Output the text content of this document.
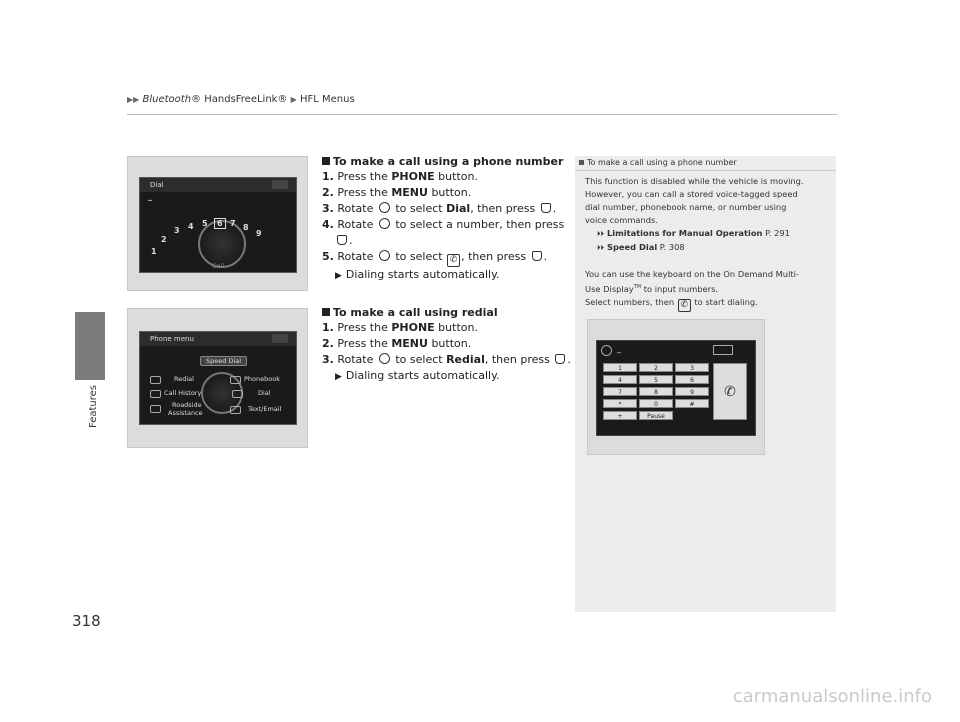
▶▶ Bluetooth® HandsFreeLink® ▶ HFL Menus
Features
318
Dial
_
1
2
3 4 5	6 7 8
9
Call
Phone menu
Speed Dial
Redial	Phonebook
Call History	Dial
Roadside
Assistance	Text/Email
To make a call using a phone number
1. Press the PHONE button.
2. Press the MENU button.
3. Rotate  to select Dial, then press .
4. Rotate  to select a number, then press
.
5. Rotate  to select ✆ , then press .
▶ Dialing starts automatically.
To make a call using redial
1. Press the PHONE button.
2. Press the MENU button.
3. Rotate  to select Redial, then press .
▶ Dialing starts automatically.
To make a call using a phone number

This function is disabled while the vehicle is moving.

However, you can call a stored voice-tagged speed

dial number, phonebook name, or number using

voice commands.

⏵⏵ Limitations for Manual Operation P. 291
⏵⏵ Speed Dial P. 308

You can use the keyboard on the On Demand Multi-

Use Display™ to input numbers.

Select numbers, then ✆ to start dialing.

_
1	2	3
4	5	6
7	8	9
*	0	#
+	Pause
✆
carmanualsonline.info
